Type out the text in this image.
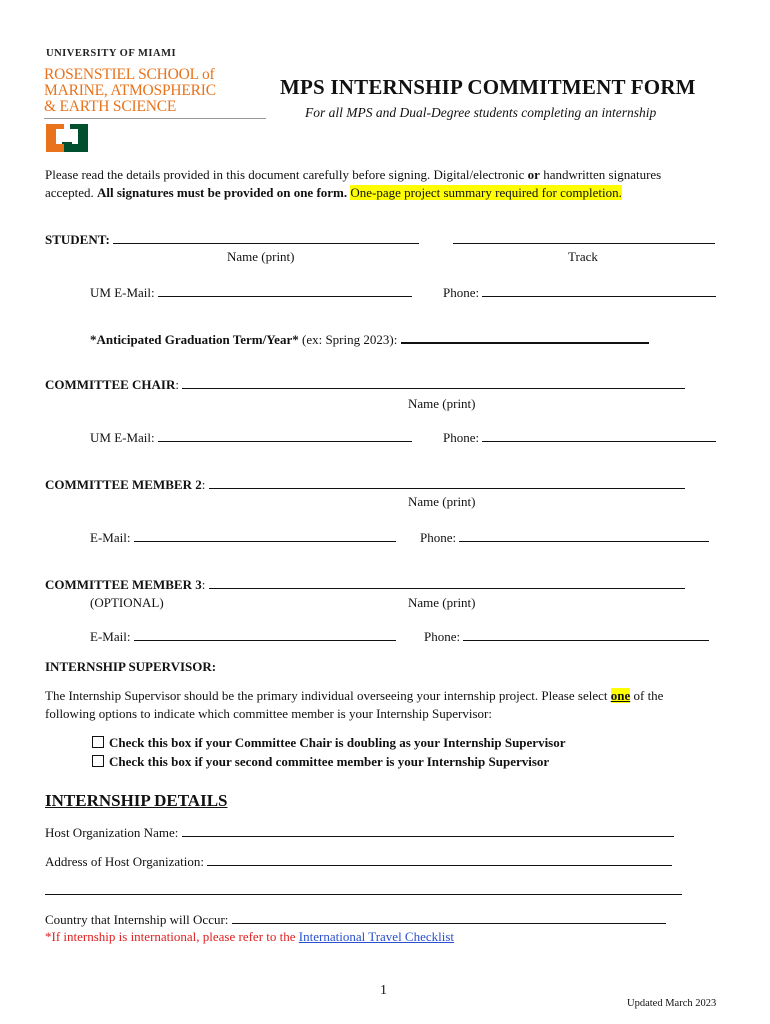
UNIVERSITY OF MIAMI
ROSENSTIEL SCHOOL of
MARINE, ATMOSPHERIC
& EARTH SCIENCE
MPS INTERNSHIP COMMITMENT FORM
For all MPS and Dual-Degree students completing an internship
Please read the details provided in this document carefully before signing. Digital/electronic or handwritten signatures
accepted. All signatures must be provided on one form. One-page project summary required for completion.
STUDENT:
Name (print)	Track
UM E-Mail:	Phone:
*Anticipated Graduation Term/Year* (ex: Spring 2023):
COMMITTEE CHAIR:
Name (print)
UM E-Mail:	Phone:
COMMITTEE MEMBER 2:
Name (print)
E-Mail:	Phone:
COMMITTEE MEMBER 3:
(OPTIONAL)	Name (print)
E-Mail:	Phone:
INTERNSHIP SUPERVISOR:
The Internship Supervisor should be the primary individual overseeing your internship project. Please select one of the
following options to indicate which committee member is your Internship Supervisor:
Check this box if your Committee Chair is doubling as your Internship Supervisor
Check this box if your second committee member is your Internship Supervisor
INTERNSHIP DETAILS
Host Organization Name:
Address of Host Organization:
Country that Internship will Occur:
*If internship is international, please refer to the International Travel Checklist
1
Updated March 2023
